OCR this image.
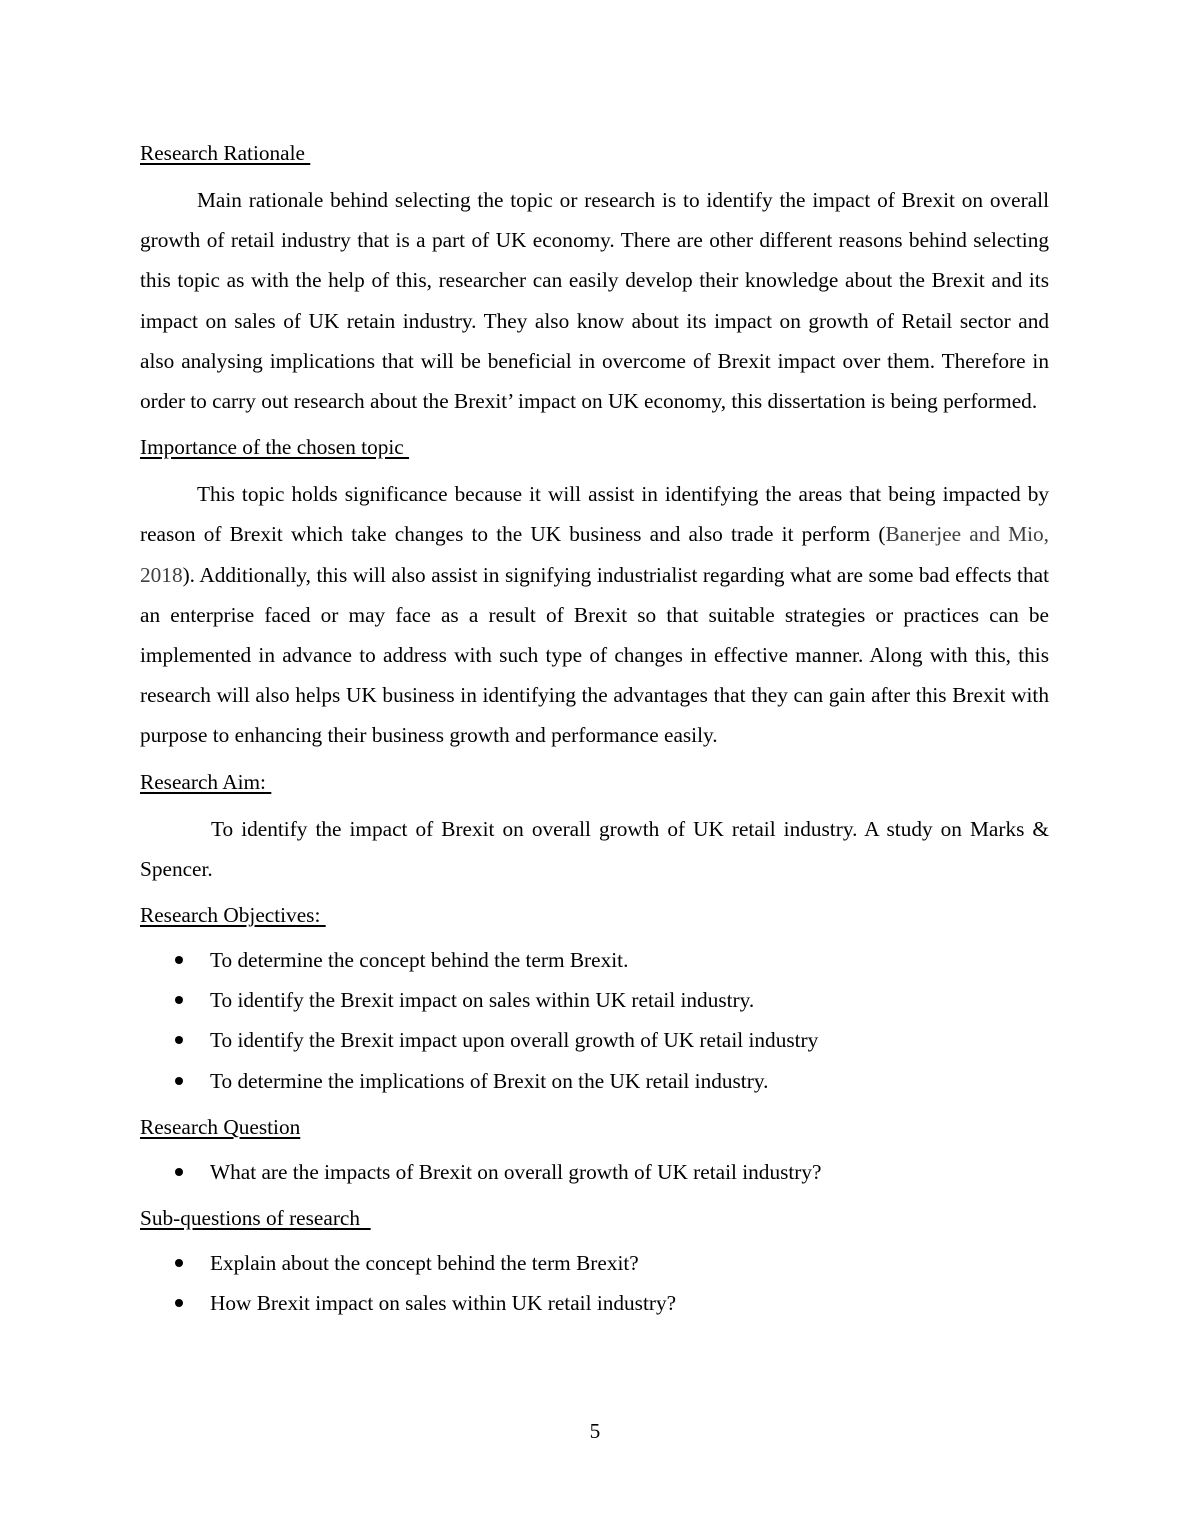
Research Rationale

Main rationale behind selecting the topic or research is to identify the impact of Brexit on overall growth of retail industry that is a part of UK economy. There are other different reasons behind selecting this topic as with the help of this, researcher can easily develop their knowledge about the Brexit and its impact on sales of UK retain industry. They also know about its impact on growth of Retail sector and also analysing implications that will be beneficial in overcome of Brexit impact over them. Therefore in order to carry out research about the Brexit’ impact on UK economy, this dissertation is being performed.

Importance of the chosen topic

This topic holds significance because it will assist in identifying the areas that being impacted by reason of Brexit which take changes to the UK business and also trade it perform (Banerjee and Mio, 2018). Additionally, this will also assist in signifying industrialist regarding what are some bad effects that an enterprise faced or may face as a result of Brexit so that suitable strategies or practices can be implemented in advance to address with such type of changes in effective manner. Along with this, this research will also helps UK business in identifying the advantages that they can gain after this Brexit with purpose to enhancing their business growth and performance easily.

Research Aim:

To identify the impact of Brexit on overall growth of UK retail industry. A study on Marks & Spencer.

Research Objectives:

To determine the concept behind the term Brexit.
To identify the Brexit impact on sales within UK retail industry.
To identify the Brexit impact upon overall growth of UK retail industry
To determine the implications of Brexit on the UK retail industry.

Research Question

What are the impacts of Brexit on overall growth of UK retail industry?

Sub-questions of research

Explain about the concept behind the term Brexit?
How Brexit impact on sales within UK retail industry?
5
